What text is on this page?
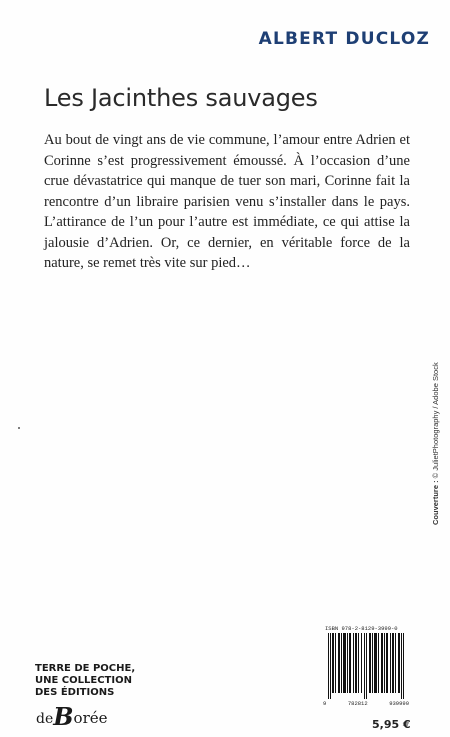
ALBERT DUCLOZ
Les Jacinthes sauvages
Au bout de vingt ans de vie commune, l’amour entre Adrien et Corinne s’est progressivement émoussé. À l’occasion d’une crue dévastatrice qui manque de tuer son mari, Corinne fait la rencontre d’un libraire parisien venu s’installer dans le pays. L’attirance de l’un pour l’autre est immédiate, ce qui attise la jalousie d’Adrien. Or, ce dernier, en véritable force de la nature, se remet très vite sur pied…
Couverture : © JulietPhotography / Adobe Stock
ISBN 978-2-8129-3999-0
9	782812	939990
5,95 €
TERRE DE POCHE,
UNE COLLECTION
DES ÉDITIONS
deBorée
